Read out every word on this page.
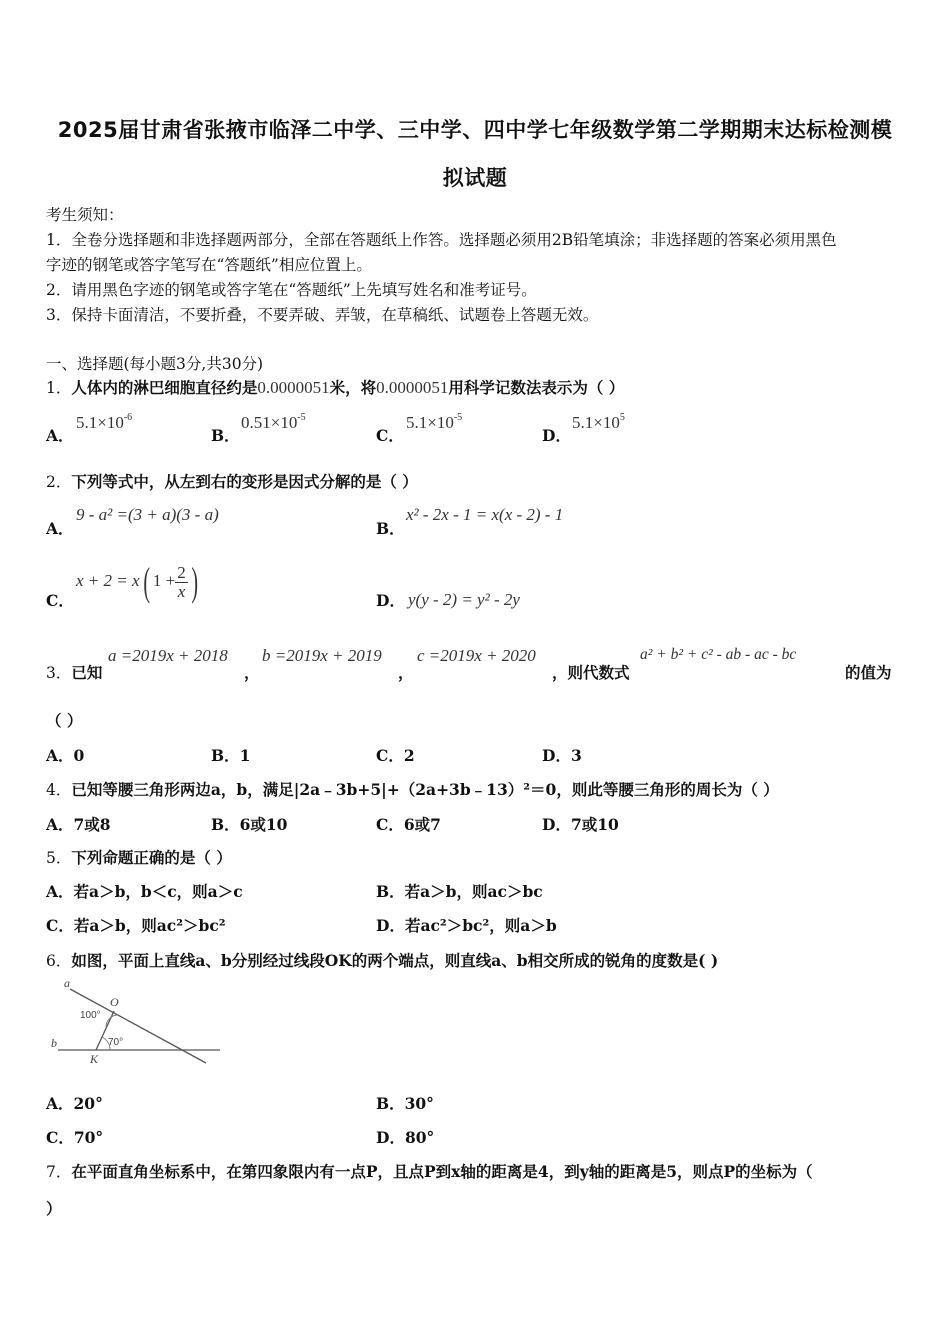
2025届甘肃省张掖市临泽二中学、三中学、四中学七年级数学第二学期期末达标检测模
拟试题
考生须知：
1．全卷分选择题和非选择题两部分，全部在答题纸上作答。选择题必须用2B铅笔填涂；非选择题的答案必须用黑色
字迹的钢笔或答字笔写在“答题纸”相应位置上。
2．请用黑色字迹的钢笔或答字笔在“答题纸”上先填写姓名和准考证号。
3．保持卡面清洁，不要折叠，不要弄破、弄皱，在草稿纸、试题卷上答题无效。
一、选择题(每小题3分,共30分)
1．人体内的淋巴细胞直径约是0.0000051米，将0.0000051用科学记数法表示为（ ）
A．
$5.1\times 10^{-6}$
B．
$0.51\times 10^{-5}$
C．
$5.1\times 10^{-5}$
D．
$5.1\times 10^5$
2．下列等式中，从左到右的变形是因式分解的是（ ）
A．
9 - a² =(3 + a)(3 - a)
B．
x² - 2x - 1 = x(x - 2) - 1
C．
x + 2 = x( $1 + \frac{2}{x}$ )	D． y(y - 2) = y² - 2y
3．已知
a =2019x + 2018
，
b =2019x + 2019
，
c =2019x + 2020
，则代数式
a² + b² + c² - ab - ac - bc
的值为
（ ）
A．0	B．1	C．2	D．3
4．已知等腰三角形两边a，b，满足|2a﹣3b+5|+（2a+3b﹣13）²＝0，则此等腰三角形的周长为（ ）
A．7或8	B．6或10	C．6或7	D．7或10
5．下列命题正确的是（ ）
A．若a＞b，b＜c，则a＞c	B．若a＞b，则ac＞bc
C．若a＞b，则ac²＞bc²	D．若ac²＞bc²，则a＞b
6．如图，平面上直线a、b分别经过线段OK的两个端点，则直线a、b相交所成的锐角的度数是( )
a
b
O
K
100°
70°
A．20°	B．30°
C．70°	D．80°
7．在平面直角坐标系中，在第四象限内有一点P，且点P到x轴的距离是4，到y轴的距离是5，则点P的坐标为（
）
